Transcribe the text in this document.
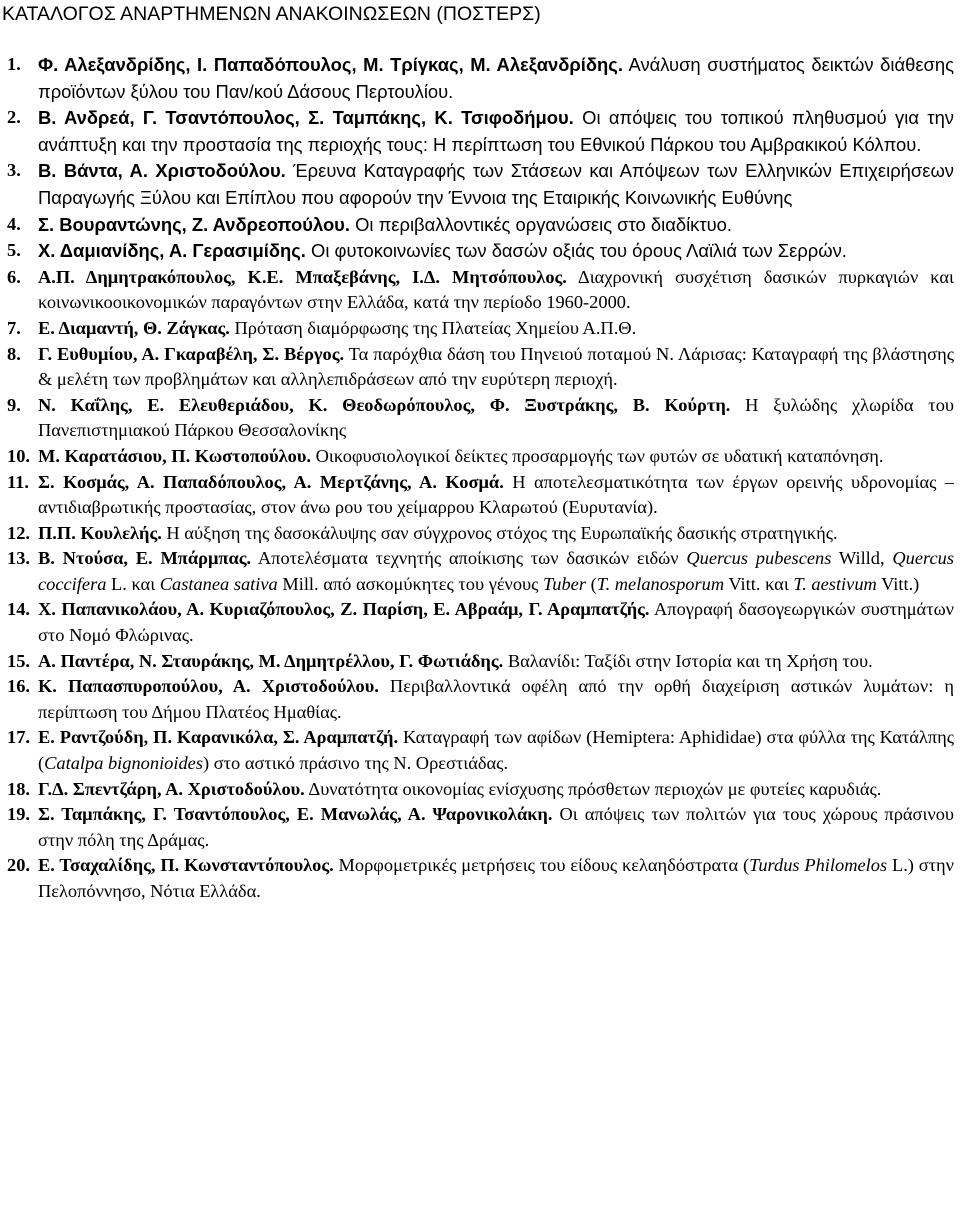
ΚΑΤΑΛΟΓΟΣ ΑΝΑΡΤΗΜΕΝΩΝ ΑΝΑΚΟΙΝΩΣΕΩΝ (ΠΟΣΤΕΡΣ)

1. Φ. Αλεξανδρίδης, Ι. Παπαδόπουλος, Μ. Τρίγκας, Μ. Αλεξανδρίδης. Ανάλυση συστήματος δεικτών διάθεσης προϊόντων ξύλου του Παν/κού Δάσους Περτουλίου.

2. Β. Ανδρεά, Γ. Τσαντόπουλος, Σ. Ταμπάκης, Κ. Τσιφοδήμου. Οι απόψεις του τοπικού πληθυσμού για την ανάπτυξη και την προστασία της περιοχής τους: Η περίπτωση του Εθνικού Πάρκου του Αμβρακικού Κόλπου.

3. Β. Βάντα, Α. Χριστοδούλου. Έρευνα Καταγραφής των Στάσεων και Απόψεων των Ελληνικών Επιχειρήσεων Παραγωγής Ξύλου και Επίπλου που αφορούν την Έννοια της Εταιρικής Κοινωνικής Ευθύνης

4. Σ. Βουραντώνης, Ζ. Ανδρεοπούλου. Οι περιβαλλοντικές οργανώσεις στο διαδίκτυο.

5. Χ. Δαμιανίδης, Α. Γερασιμίδης. Οι φυτοκοινωνίες των δασών οξιάς του όρους Λαϊλιά των Σερρών.

6. Α.Π. Δημητρακόπουλος, Κ.Ε. Μπαξεβάνης, Ι.Δ. Μητσόπουλος. Διαχρονική συσχέτιση δασικών πυρκαγιών και κοινωνικοοικονομικών παραγόντων στην Ελλάδα, κατά την περίοδο 1960-2000.

7. Ε. Διαμαντή, Θ. Ζάγκας. Πρόταση διαμόρφωσης της Πλατείας Χημείου Α.Π.Θ.

8. Γ. Ευθυμίου, Α. Γκαραβέλη, Σ. Βέργος. Τα παρόχθια δάση του Πηνειού ποταμού Ν. Λάρισας: Καταγραφή της βλάστησης & μελέτη των προβλημάτων και αλληλεπιδράσεων από την ευρύτερη περιοχή.

9. Ν. Καΐλης, Ε. Ελευθεριάδου, Κ. Θεοδωρόπουλος, Φ. Ξυστράκης, Β. Κούρτη. Η ξυλώδης χλωρίδα του Πανεπιστημιακού Πάρκου Θεσσαλονίκης

10. Μ. Καρατάσιου, Π. Κωστοπούλου. Οικοφυσιολογικοί δείκτες προσαρμογής των φυτών σε υδατική καταπόνηση.

11. Σ. Κοσμάς, Α. Παπαδόπουλος, Α. Μερτζάνης, Α. Κοσμά. Η αποτελεσματικότητα των έργων ορεινής υδρονομίας – αντιδιαβρωτικής προστασίας, στον άνω ρου του χείμαρρου Κλαρωτού (Ευρυτανία).

12. Π.Π. Κουλελής. Η αύξηση της δασοκάλυψης σαν σύγχρονος στόχος της Ευρωπαϊκής δασικής στρατηγικής.

13. Β. Ντούσα, Ε. Μπάρμπας. Αποτελέσματα τεχνητής αποίκισης των δασικών ειδών Quercus pubescens Willd, Quercus coccifera L. και Castanea sativa Mill. από ασκομύκητες του γένους Tuber (T. melanosporum Vitt. και T. aestivum Vitt.)

14. Χ. Παπανικολάου, Α. Κυριαζόπουλος, Ζ. Παρίση, Ε. Αβραάμ, Γ. Αραμπατζής. Απογραφή δασογεωργικών συστημάτων στο Νομό Φλώρινας.

15. Α. Παντέρα, Ν. Σταυράκης, Μ. Δημητρέλλου, Γ. Φωτιάδης. Βαλανίδι: Ταξίδι στην Ιστορία και τη Χρήση του.

16. Κ. Παπασπυροπούλου, Α. Χριστοδούλου. Περιβαλλοντικά οφέλη από την ορθή διαχείριση αστικών λυμάτων: η περίπτωση του Δήμου Πλατέος Ημαθίας.

17. Ε. Ραντζούδη, Π. Καρανικόλα, Σ. Αραμπατζή. Καταγραφή των αφίδων (Hemiptera: Aphididae) στα φύλλα της Κατάλπης (Catalpa bignonioides) στο αστικό πράσινο της Ν. Ορεστιάδας.

18. Γ.Δ. Σπεντζάρη, Α. Χριστοδούλου. Δυνατότητα οικονομίας ενίσχυσης πρόσθετων περιοχών με φυτείες καρυδιάς.

19. Σ. Ταμπάκης, Γ. Τσαντόπουλος, Ε. Μανωλάς, Α. Ψαρονικολάκη. Οι απόψεις των πολιτών για τους χώρους πράσινου στην πόλη της Δράμας.

20. Ε. Τσαχαλίδης, Π. Κωνσταντόπουλος. Μορφομετρικές μετρήσεις του είδους κελαηδόστρατα (Turdus Philomelos L.) στην Πελοπόννησο, Νότια Ελλάδα.
